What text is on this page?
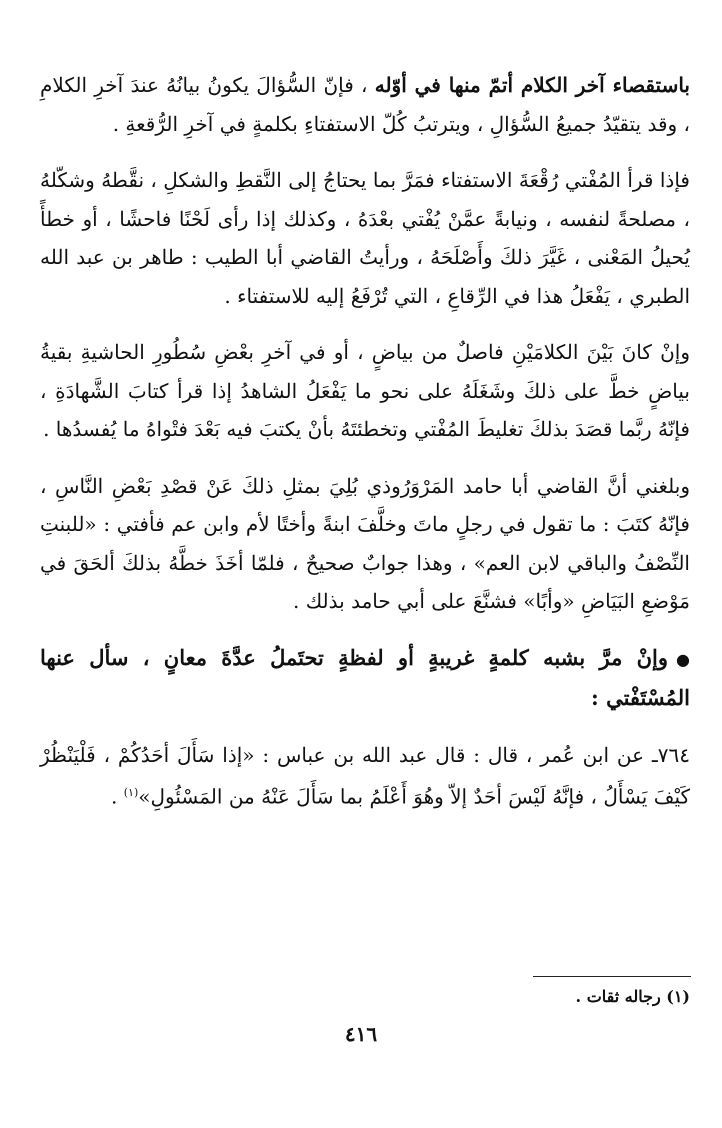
باستقصاء آخر الكلام أتمّ منها في أوّله ، فإنّ السُّؤالَ يكونُ بيانُهُ عندَ آخرِ الكلامِ ، وقد يتقيّدُ جميعُ السُّؤالِ ، ويترتبُ كُلّ الاستفتاءِ بكلمةٍ في آخرِ الرُّقعةِ .

فإذا قرأ المُفْتي رُقْعَةَ الاستفتاء فمَرَّ بما يحتاجُ إلى النَّقطِ والشكلِ ، نقَّطهُ وشكّلهُ ، مصلحةً لنفسه ، ونيابةً عمَّنْ يُفْتي بعْدَهُ ، وكذلك إذا رأى لَحْنًا فاحشًا ، أو خطأً يُحيلُ المَعْنى ، غَيَّرَ ذلكَ وأَصْلَحَهُ ، ورأيتُ القاضي أبا الطيب : طاهر بن عبد الله الطبري ، يَفْعَلُ هذا في الرِّقاعِ ، التي تُرْفَعُ إليه للاستفتاء .

وإنْ كانَ بَيْنَ الكلامَيْنِ فاصلٌ من بياضٍ ، أو في آخرِ بعْضِ سُطُورِ الحاشيةِ بقيةُ بياضٍ خطَّ على ذلكَ وشَغَلَهُ على نحو ما يَفْعَلُ الشاهدُ إذا قرأ كتابَ الشَّهادَةِ ، فإنّهُ ربَّما قصَدَ بذلكَ تغليطَ المُفْتي وتخطئتَهُ بأنْ يكتبَ فيه بَعْدَ فتْواهُ ما يُفسدُها .

وبلغني أنَّ القاضي أبا حامد المَرْوَرُوذي بُلِيَ بمثلِ ذلكَ عَنْ قصْدِ بَعْضِ النَّاسِ ، فإنّهُ كتَبَ : ما تقول في رجلٍ ماتَ وخلَّفَ ابنةً وأختًا لأم وابن عم فأفتي : «للبنتِ النِّصْفُ والباقي لابن العم» ، وهذا جوابٌ صحيحٌ ، فلمّا أخَذَ خطَّهُ بذلكَ ألحَقَ في مَوْضعِ البَيَاضِ «وأبًا» فشنَّعَ على أبي حامد بذلك .

●وإنْ مرَّ بشبه كلمةٍ غريبةٍ أو لفظةٍ تحتَملُ عدَّةَ معانٍ ، سأل عنها المُسْتَفْتي :

٧٦٤ـ عن ابن عُمر ، قال : قال عبد الله بن عباس : «إذا سَأَلَ أحَدُكُمْ ، فَلْيَنْظُرْ كَيْفَ يَسْأَلُ ، فإنَّهُ لَيْسَ أحَدٌ إلاّ وهُوَ أَعْلَمُ بما سَأَلَ عَنْهُ من المَسْئُولِ»$^{(١)}$ .

(١) رجاله ثقات .
٤١٦
